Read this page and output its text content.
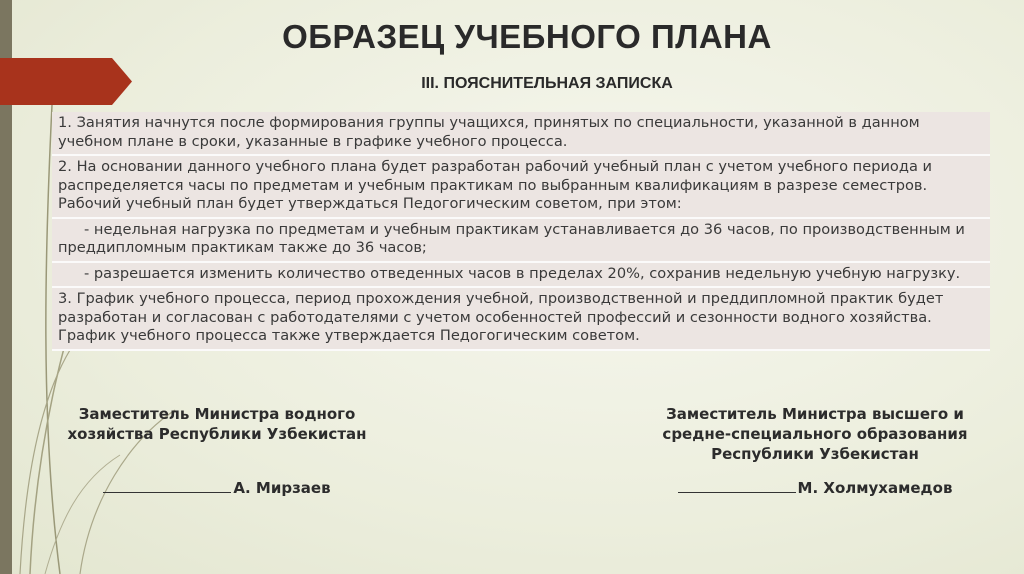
ОБРАЗЕЦ УЧЕБНОГО ПЛАНА
III. ПОЯСНИТЕЛЬНАЯ ЗАПИСКА
1. Занятия начнутся после формирования группы учащихся, принятых по специальности, указанной в данном учебном плане в сроки, указанные в графике учебного процесса.
2. На основании данного учебного плана будет разработан рабочий учебный план с учетом учебного периода и распределяется часы по предметам и учебным практикам по выбранным квалификациям в разрезе семестров. Рабочий учебный план будет утверждаться Педогогическим советом, при этом:
- недельная нагрузка по предметам и учебным практикам устанавливается до 36 часов, по производственным и преддипломным практикам также до 36 часов;
- разрешается изменить количество отведенных часов в пределах 20%, сохранив недельную учебную нагрузку.
3. График учебного процесса, период прохождения учебной, производственной и преддипломной практик будет разработан и согласован с работодателями с учетом особенностей профессий и сезонности водного хозяйства. График учебного процесса также утверждается Педогогическим советом.
Заместитель Министра водного хозяйства Республики Узбекистан
А. Мирзаев
Заместитель Министра высшего и средне-специального образования Республики Узбекистан
М. Холмухамедов
